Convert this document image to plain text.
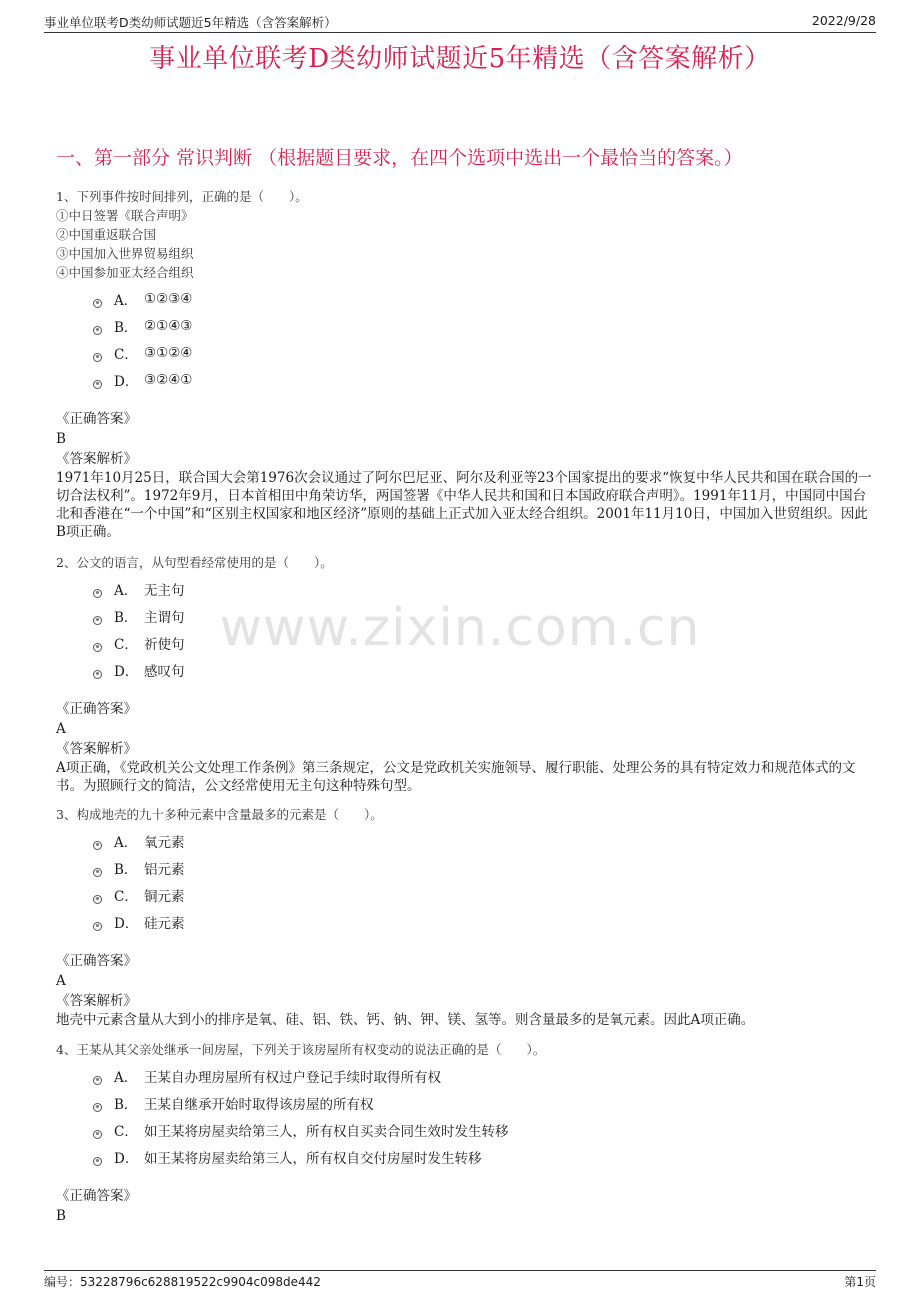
事业单位联考D类幼师试题近5年精选（含答案解析）	2022/9/28
事业单位联考D类幼师试题近5年精选（含答案解析）
一、第一部分 常识判断 （根据题目要求，在四个选项中选出一个最恰当的答案。）
www.zixin.com.cn
1、下列事件按时间排列，正确的是（　　）。
①中日签署《联合声明》
②中国重返联合国
③中国加入世界贸易组织
④中国参加亚太经合组织
A． ①②③④
B． ②①④③
C． ③①②④
D． ③②④①
《正确答案》
B
《答案解析》
1971年10月25日，联合国大会第1976次会议通过了阿尔巴尼亚、阿尔及利亚等23个国家提出的要求“恢复中华人民共和国在联合国的一切合法权利”。1972年9月，日本首相田中角荣访华，两国签署《中华人民共和国和日本国政府联合声明》。1991年11月，中国同中国台北和香港在“一个中国”和“区别主权国家和地区经济”原则的基础上正式加入亚太经合组织。2001年11月10日，中国加入世贸组织。因此B项正确。
2、公文的语言，从句型看经常使用的是（　　）。
A． 无主句
B． 主谓句
C． 祈使句
D． 感叹句
《正确答案》
A
《答案解析》
A项正确，《党政机关公文处理工作条例》第三条规定，公文是党政机关实施领导、履行职能、处理公务的具有特定效力和规范体式的文书。为照顾行文的简洁，公文经常使用无主句这种特殊句型。
3、构成地壳的九十多种元素中含量最多的元素是（　　）。
A． 氧元素
B． 铝元素
C． 铜元素
D． 硅元素
《正确答案》
A
《答案解析》
地壳中元素含量从大到小的排序是氧、硅、铝、铁、钙、钠、钾、镁、氢等。则含量最多的是氧元素。因此A项正确。
4、王某从其父亲处继承一间房屋，下列关于该房屋所有权变动的说法正确的是（　　）。
A． 王某自办理房屋所有权过户登记手续时取得所有权
B． 王某自继承开始时取得该房屋的所有权
C． 如王某将房屋卖给第三人，所有权自买卖合同生效时发生转移
D． 如王某将房屋卖给第三人，所有权自交付房屋时发生转移
《正确答案》
B
编号：53228796c628819522c9904c098de442	第1页
